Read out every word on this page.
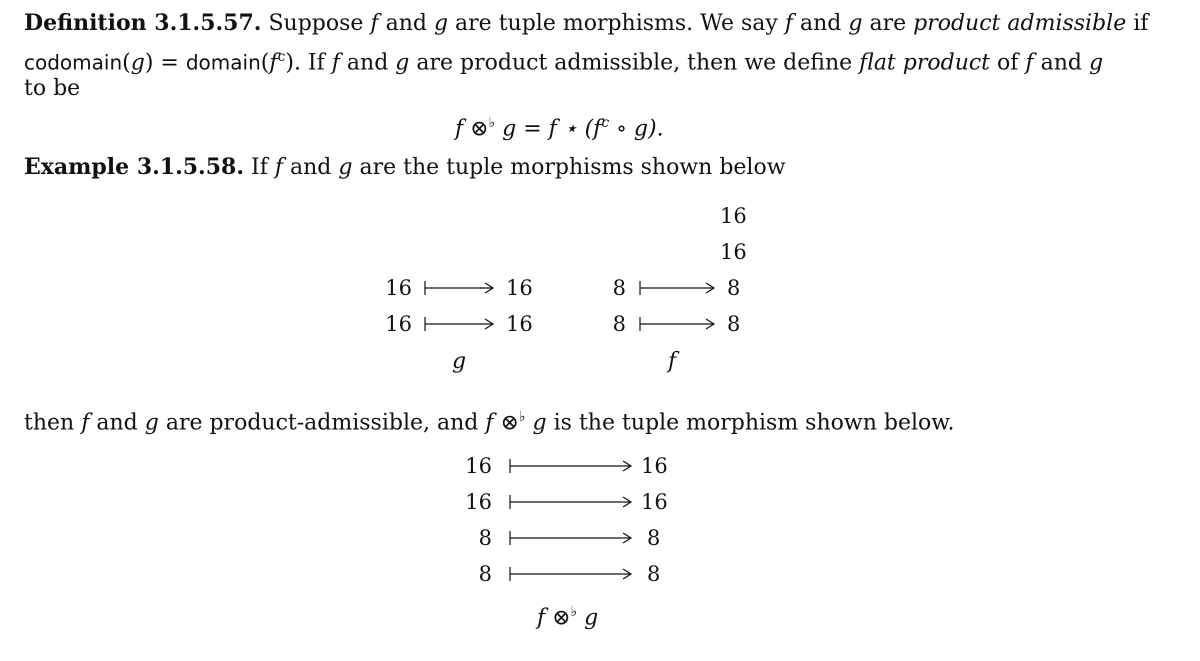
Definition 3.1.5.57. Suppose f and g are tuple morphisms. We say f and g are product admissible if
codomain(g) = $domain(f^c)$. If f and g are product admissible, then we define flat product of f and g
to be
f ⊗♭ g = f ⋆ ($f^c$ ∘ g).
Example 3.1.5.58. If f and g are the tuple morphisms shown below
16	16
16	16
g
16
16
8	8
8	8
f
then f and g are product-admissible, and f ⊗♭ g is the tuple morphism shown below.
16	16
16	16
8	8
8	8
f ⊗♭ g
